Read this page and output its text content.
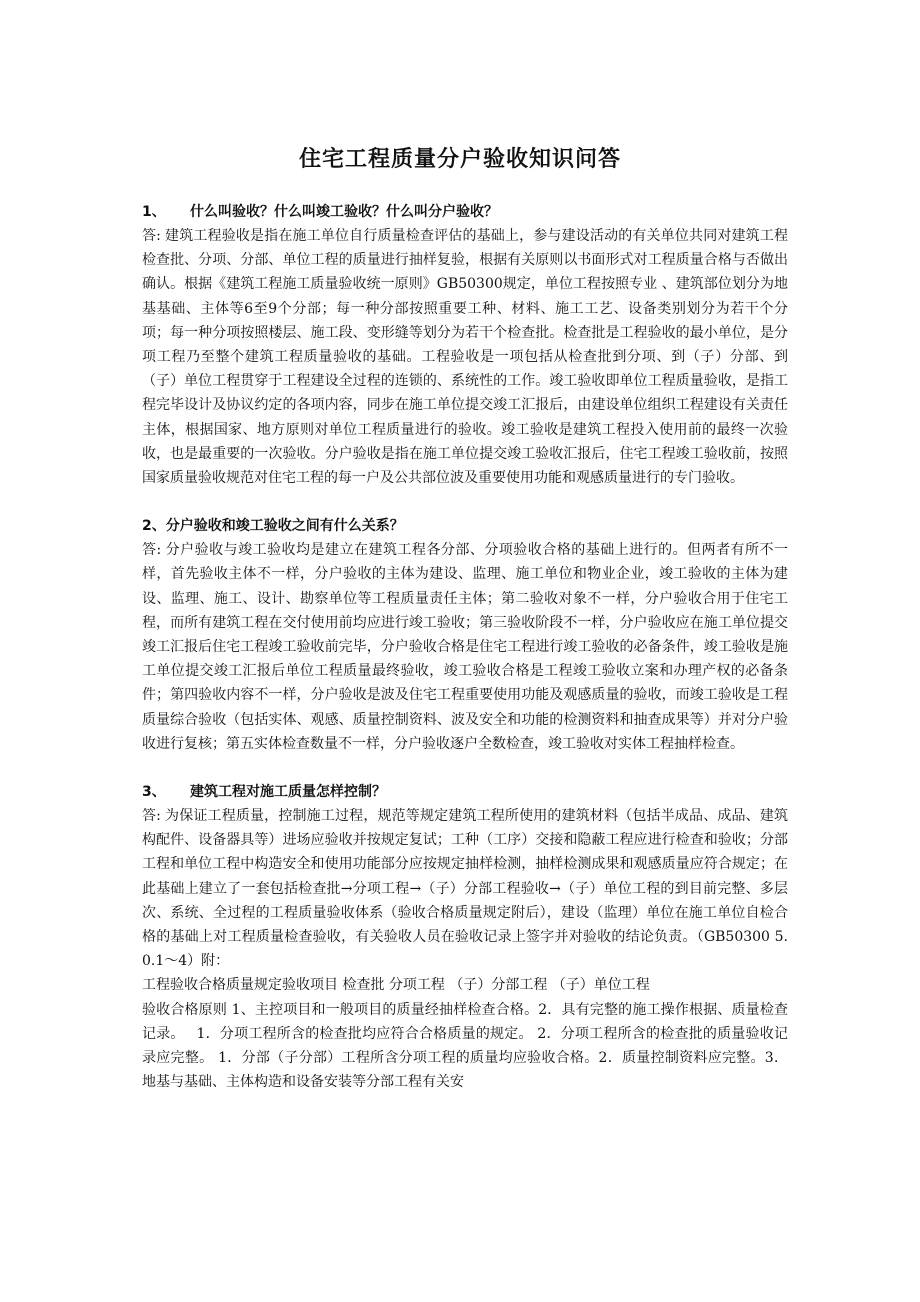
住宅工程质量分户验收知识问答
1、 什么叫验收？什么叫竣工验收？什么叫分户验收？
答: 建筑工程验收是指在施工单位自行质量检查评估的基础上，参与建设活动的有关单位共同对建筑工程检查批、分项、分部、单位工程的质量进行抽样复验，根据有关原则以书面形式对工程质量合格与否做出确认。根据《建筑工程施工质量验收统一原则》GB50300规定，单位工程按照专业 、建筑部位划分为地基基础、主体等6至9个分部；每一种分部按照重要工种、材料、施工工艺、设备类别划分为若干个分项；每一种分项按照楼层、施工段、变形缝等划分为若干个检查批。检查批是工程验收的最小单位，是分项工程乃至整个建筑工程质量验收的基础。工程验收是一项包括从检查批到分项、到（子）分部、到（子）单位工程贯穿于工程建设全过程的连锁的、系统性的工作。竣工验收即单位工程质量验收，是指工程完毕设计及协议约定的各项内容，同步在施工单位提交竣工汇报后，由建设单位组织工程建设有关责任主体，根据国家、地方原则对单位工程质量进行的验收。竣工验收是建筑工程投入使用前的最终一次验收，也是最重要的一次验收。分户验收是指在施工单位提交竣工验收汇报后，住宅工程竣工验收前，按照国家质量验收规范对住宅工程的每一户及公共部位波及重要使用功能和观感质量进行的专门验收。
2、分户验收和竣工验收之间有什么关系？
答: 分户验收与竣工验收均是建立在建筑工程各分部、分项验收合格的基础上进行的。但两者有所不一样，首先验收主体不一样，分户验收的主体为建设、监理、施工单位和物业企业，竣工验收的主体为建设、监理、施工、设计、勘察单位等工程质量责任主体；第二验收对象不一样，分户验收合用于住宅工程，而所有建筑工程在交付使用前均应进行竣工验收；第三验收阶段不一样，分户验收应在施工单位提交竣工汇报后住宅工程竣工验收前完毕，分户验收合格是住宅工程进行竣工验收的必备条件，竣工验收是施工单位提交竣工汇报后单位工程质量最终验收，竣工验收合格是工程竣工验收立案和办理产权的必备条件；第四验收内容不一样，分户验收是波及住宅工程重要使用功能及观感质量的验收，而竣工验收是工程质量综合验收（包括实体、观感、质量控制资料、波及安全和功能的检测资料和抽查成果等）并对分户验收进行复核；第五实体检查数量不一样，分户验收逐户全数检查，竣工验收对实体工程抽样检查。
3、 建筑工程对施工质量怎样控制？

答: 为保证工程质量，控制施工过程，规范等规定建筑工程所使用的建筑材料（包括半成品、成品、建筑构配件、设备器具等）进场应验收并按规定复试；工种（工序）交接和隐蔽工程应进行检查和验收；分部工程和单位工程中构造安全和使用功能部分应按规定抽样检测，抽样检测成果和观感质量应符合规定；在此基础上建立了一套包括检查批→分项工程→（子）分部工程验收→（子）单位工程的到目前完整、多层次、系统、全过程的工程质量验收体系（验收合格质量规定附后），建设（监理）单位在施工单位自检合格的基础上对工程质量检查验收，有关验收人员在验收记录上签字并对验收的结论负责。（GB50300 5.0.1～4）附：

工程验收合格质量规定验收项目 检查批 分项工程 （子）分部工程 （子）单位工程

验收合格原则 1、主控项目和一般项目的质量经抽样检查合格。2．具有完整的施工操作根据、质量检查记录。　 1．分项工程所含的检查批均应符合合格质量的规定。 2．分项工程所含的检查批的质量验收记录应完整。 1．分部（子分部）工程所含分项工程的质量均应验收合格。2．质量控制资料应完整。3．地基与基础、主体构造和设备安装等分部工程有关安
